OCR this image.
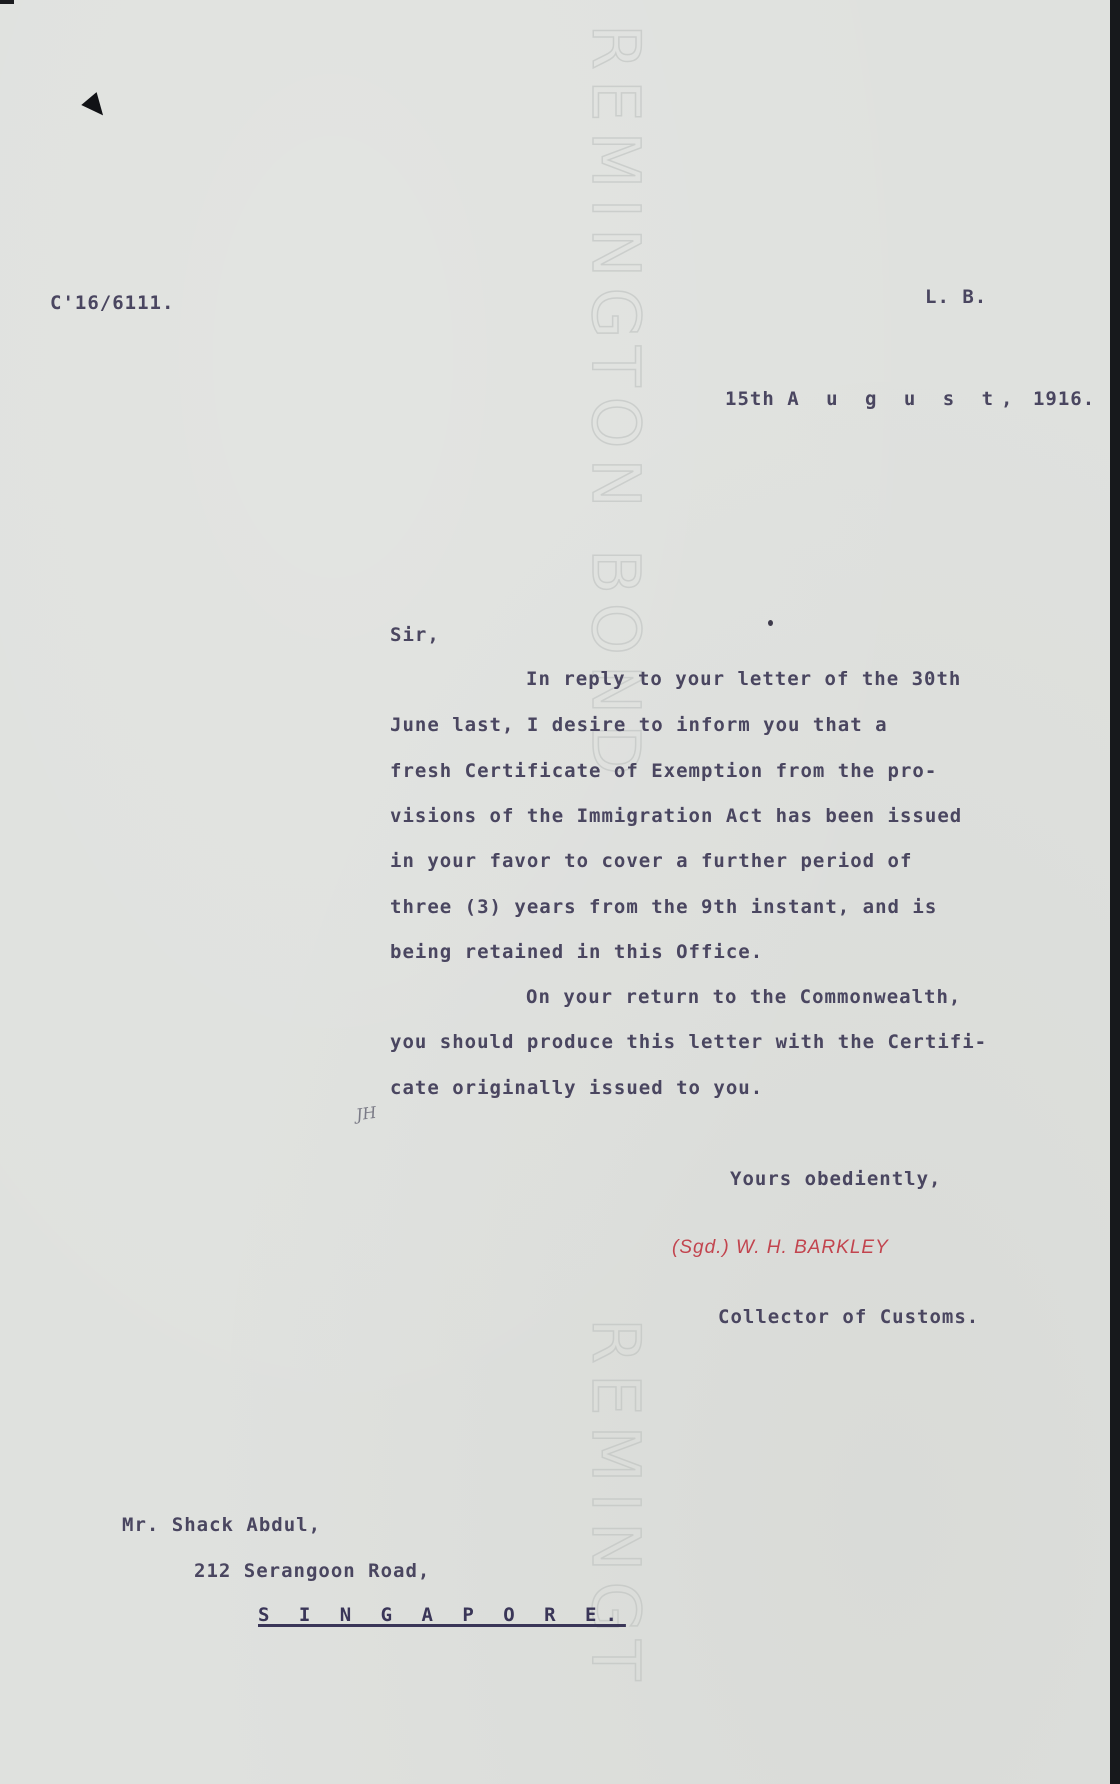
REMINGTON BOND
REMINGT
C'16/6111.	L. B.
15th A u g u s t, 1916.
Sir,
In reply to your letter of the 30th
June last, I desire to inform you that a
fresh Certificate of Exemption from the pro-
visions of the Immigration Act has been issued
in your favor to cover a further period of
three (3) years from the 9th instant, and is
being retained in this Office.
On your return to the Commonwealth,
you should produce this letter with the Certifi-
cate originally issued to you.
JH
Yours obediently,
(Sgd.) W. H. BARKLEY
Collector of Customs.
Mr. Shack Abdul,
212 Serangoon Road,
S I N G A P O R E.
